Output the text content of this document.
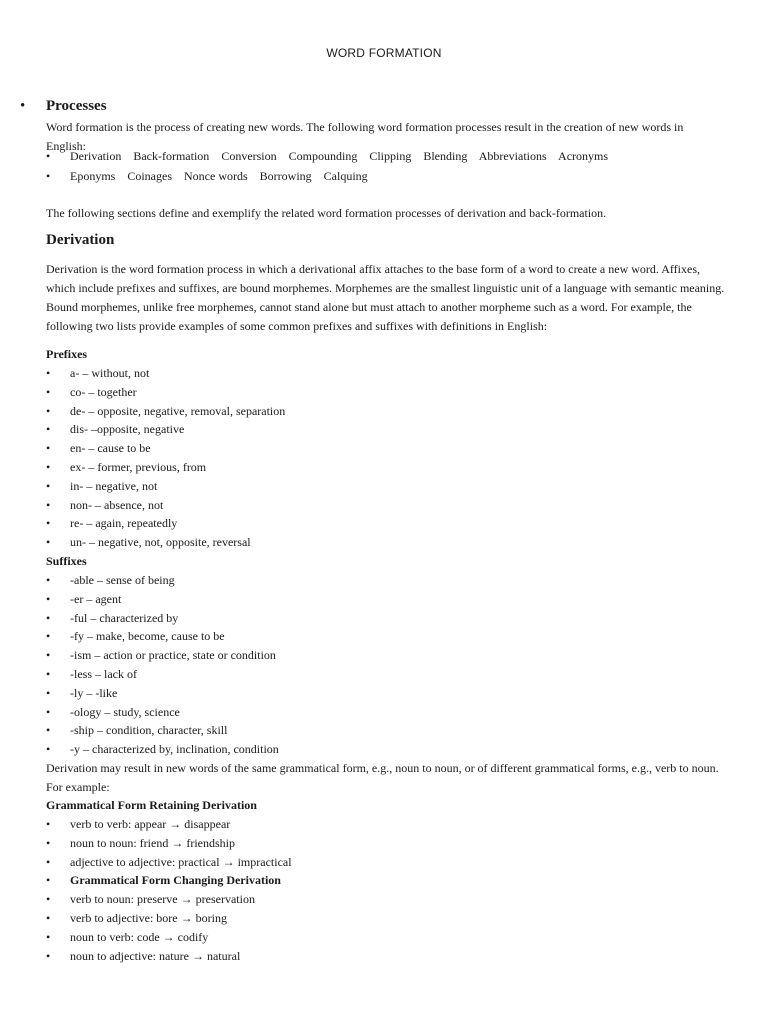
WORD FORMATION
• Processes
Word formation is the process of creating new words. The following word formation processes result in the creation of new words in English:
• Derivation Back-formation Conversion Compounding Clipping Blending Abbreviations Acronyms
• Eponyms Coinages Nonce words Borrowing Calquing
The following sections define and exemplify the related word formation processes of derivation and back-formation.
Derivation
Derivation is the word formation process in which a derivational affix attaches to the base form of a word to create a new word. Affixes, which include prefixes and suffixes, are bound morphemes. Morphemes are the smallest linguistic unit of a language with semantic meaning. Bound morphemes, unlike free morphemes, cannot stand alone but must attach to another morpheme such as a word. For example, the following two lists provide examples of some common prefixes and suffixes with definitions in English:
Prefixes
• a- – without, not
• co- – together
• de- – opposite, negative, removal, separation
• dis- –opposite, negative
• en- – cause to be
• ex- – former, previous, from
• in- – negative, not
• non- – absence, not
• re- – again, repeatedly
• un- – negative, not, opposite, reversal
Suffixes
• -able – sense of being
• -er – agent
• -ful – characterized by
• -fy – make, become, cause to be
• -ism – action or practice, state or condition
• -less – lack of
• -ly – -like
• -ology – study, science
• -ship – condition, character, skill
• -y – characterized by, inclination, condition
Derivation may result in new words of the same grammatical form, e.g., noun to noun, or of different grammatical forms, e.g., verb to noun. For example:
Grammatical Form Retaining Derivation
• verb to verb: appear → disappear
• noun to noun: friend → friendship
• adjective to adjective: practical → impractical
• Grammatical Form Changing Derivation
• verb to noun: preserve → preservation
• verb to adjective: bore → boring
• noun to verb: code → codify
• noun to adjective: nature → natural
